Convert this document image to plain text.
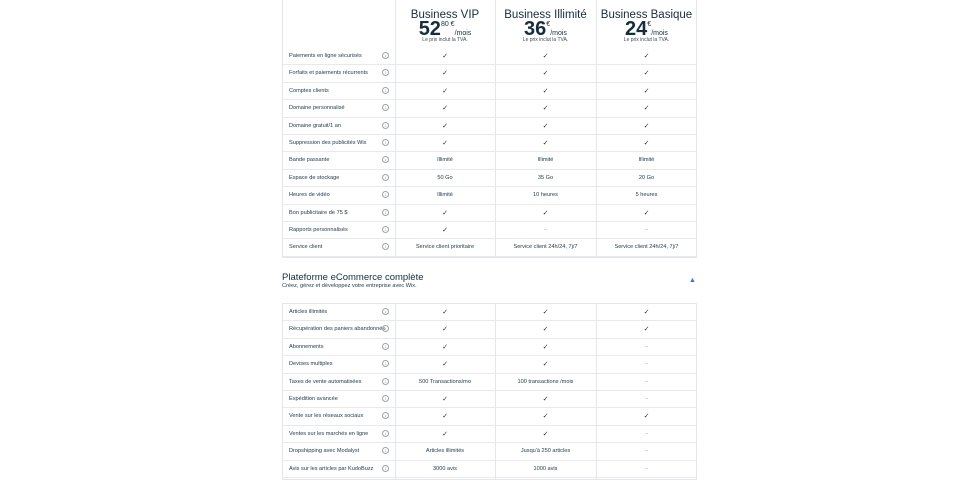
Business VIP
$52^{80 €}$/mois
Le prix inclut la TVA.
Business Illimité
36€/mois
Le prix inclut la TVA.
Business Basique
24€/mois
Le prix inclut la TVA.
Paiements en ligne sécurisés	i	✓	✓	✓
Forfaits et paiements récurrents	i	✓	✓	✓
Comptes clients	i	✓	✓	✓
Domaine personnalisé	i	✓	✓	✓
Domaine gratuit/1 an	i	✓	✓	✓
Suppression des publicités Wix	i	✓	✓	✓
Bande passante	i	Illimité	Illimité	Illimité
Espace de stockage	i	50 Go	35 Go	20 Go
Heures de vidéo	i	Illimité	10 heures	5 heures
Bon publicitaire de 75 $	i	✓	✓	✓
Rapports personnalisés	i	✓	–	–
Service client	i	Service client prioritaire	Service client 24h/24, 7j/7	Service client 24h/24, 7j/7
Plateforme eCommerce complète
Créez, gérez et développez votre entreprise avec Wix.
▲
Articles illimités	i	✓	✓	✓
Récupération des paniers abandonnés i	✓	✓	✓
Abonnements	i	✓	✓	–
Devises multiples	i	✓	✓	–
Taxes de vente automatisées	i	500 Transactions/mo	100 transactions /mois	–
Expédition avancée	i	✓	✓	–
Vente sur les réseaux sociaux	i	✓	✓	✓
Ventes sur les marchés en ligne	i	✓	✓	–
Dropshipping avec Modalyst	i	Articles illimités	Jusqu'à 250 articles	–
Avis sur les articles par KudoBuzz	i	3000 avis	1000 avis	–
